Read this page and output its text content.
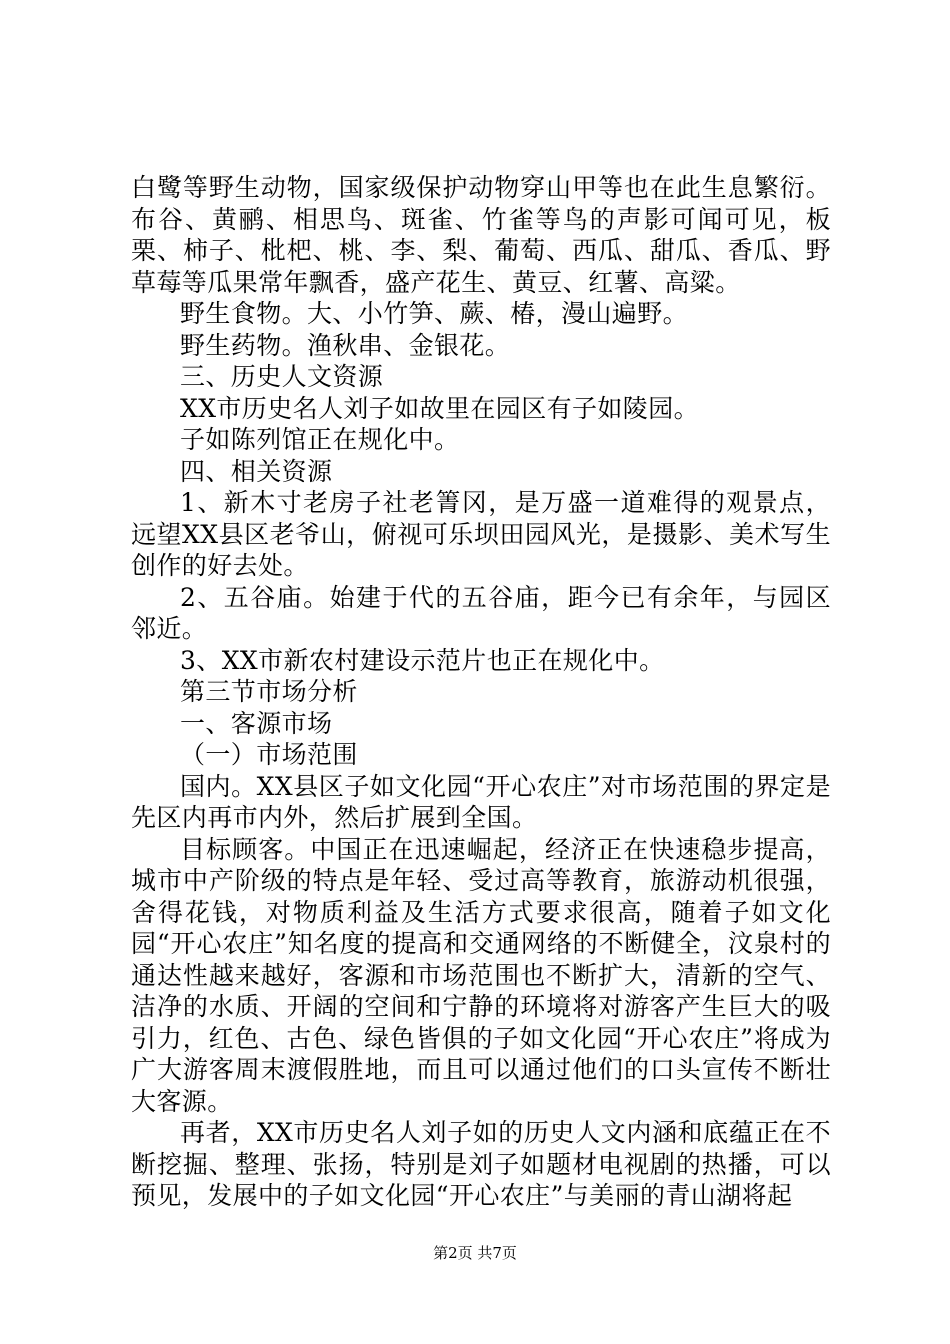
白鹭等野生动物，国家级保护动物穿山甲等也在此生息繁衍。布谷、黄鹂、相思鸟、斑雀、竹雀等鸟的声影可闻可见，板栗、柿子、枇杷、桃、李、梨、葡萄、西瓜、甜瓜、香瓜、野草莓等瓜果常年飘香，盛产花生、黄豆、红薯、高粱。

野生食物。大、小竹笋、蕨、椿，漫山遍野。

野生药物。渔秋串、金银花。

三、历史人文资源

XX市历史名人刘子如故里在园区有子如陵园。

子如陈列馆正在规化中。

四、相关资源

1、新木寸老房子社老箐冈，是万盛一道难得的观景点，远望XX县区老爷山，俯视可乐坝田园风光，是摄影、美术写生创作的好去处。

2、五谷庙。始建于代的五谷庙，距今已有余年，与园区邻近。

3、XX市新农村建设示范片也正在规化中。

第三节市场分析

一、客源市场

（一）市场范围

国内。XX县区子如文化园“开心农庄”对市场范围的界定是先区内再市内外，然后扩展到全国。

目标顾客。中国正在迅速崛起，经济正在快速稳步提高，城市中产阶级的特点是年轻、受过高等教育，旅游动机很强，舍得花钱，对物质利益及生活方式要求很高，随着子如文化园“开心农庄”知名度的提高和交通网络的不断健全，汶泉村的通达性越来越好，客源和市场范围也不断扩大，清新的空气、洁净的水质、开阔的空间和宁静的环境将对游客产生巨大的吸引力，红色、古色、绿色皆俱的子如文化园“开心农庄”将成为广大游客周末渡假胜地，而且可以通过他们的口头宣传不断壮大客源。

再者，XX市历史名人刘子如的历史人文内涵和底蕴正在不断挖掘、整理、张扬，特别是刘子如题材电视剧的热播，可以预见，发展中的子如文化园“开心农庄”与美丽的青山湖将起

第2页 共7页
